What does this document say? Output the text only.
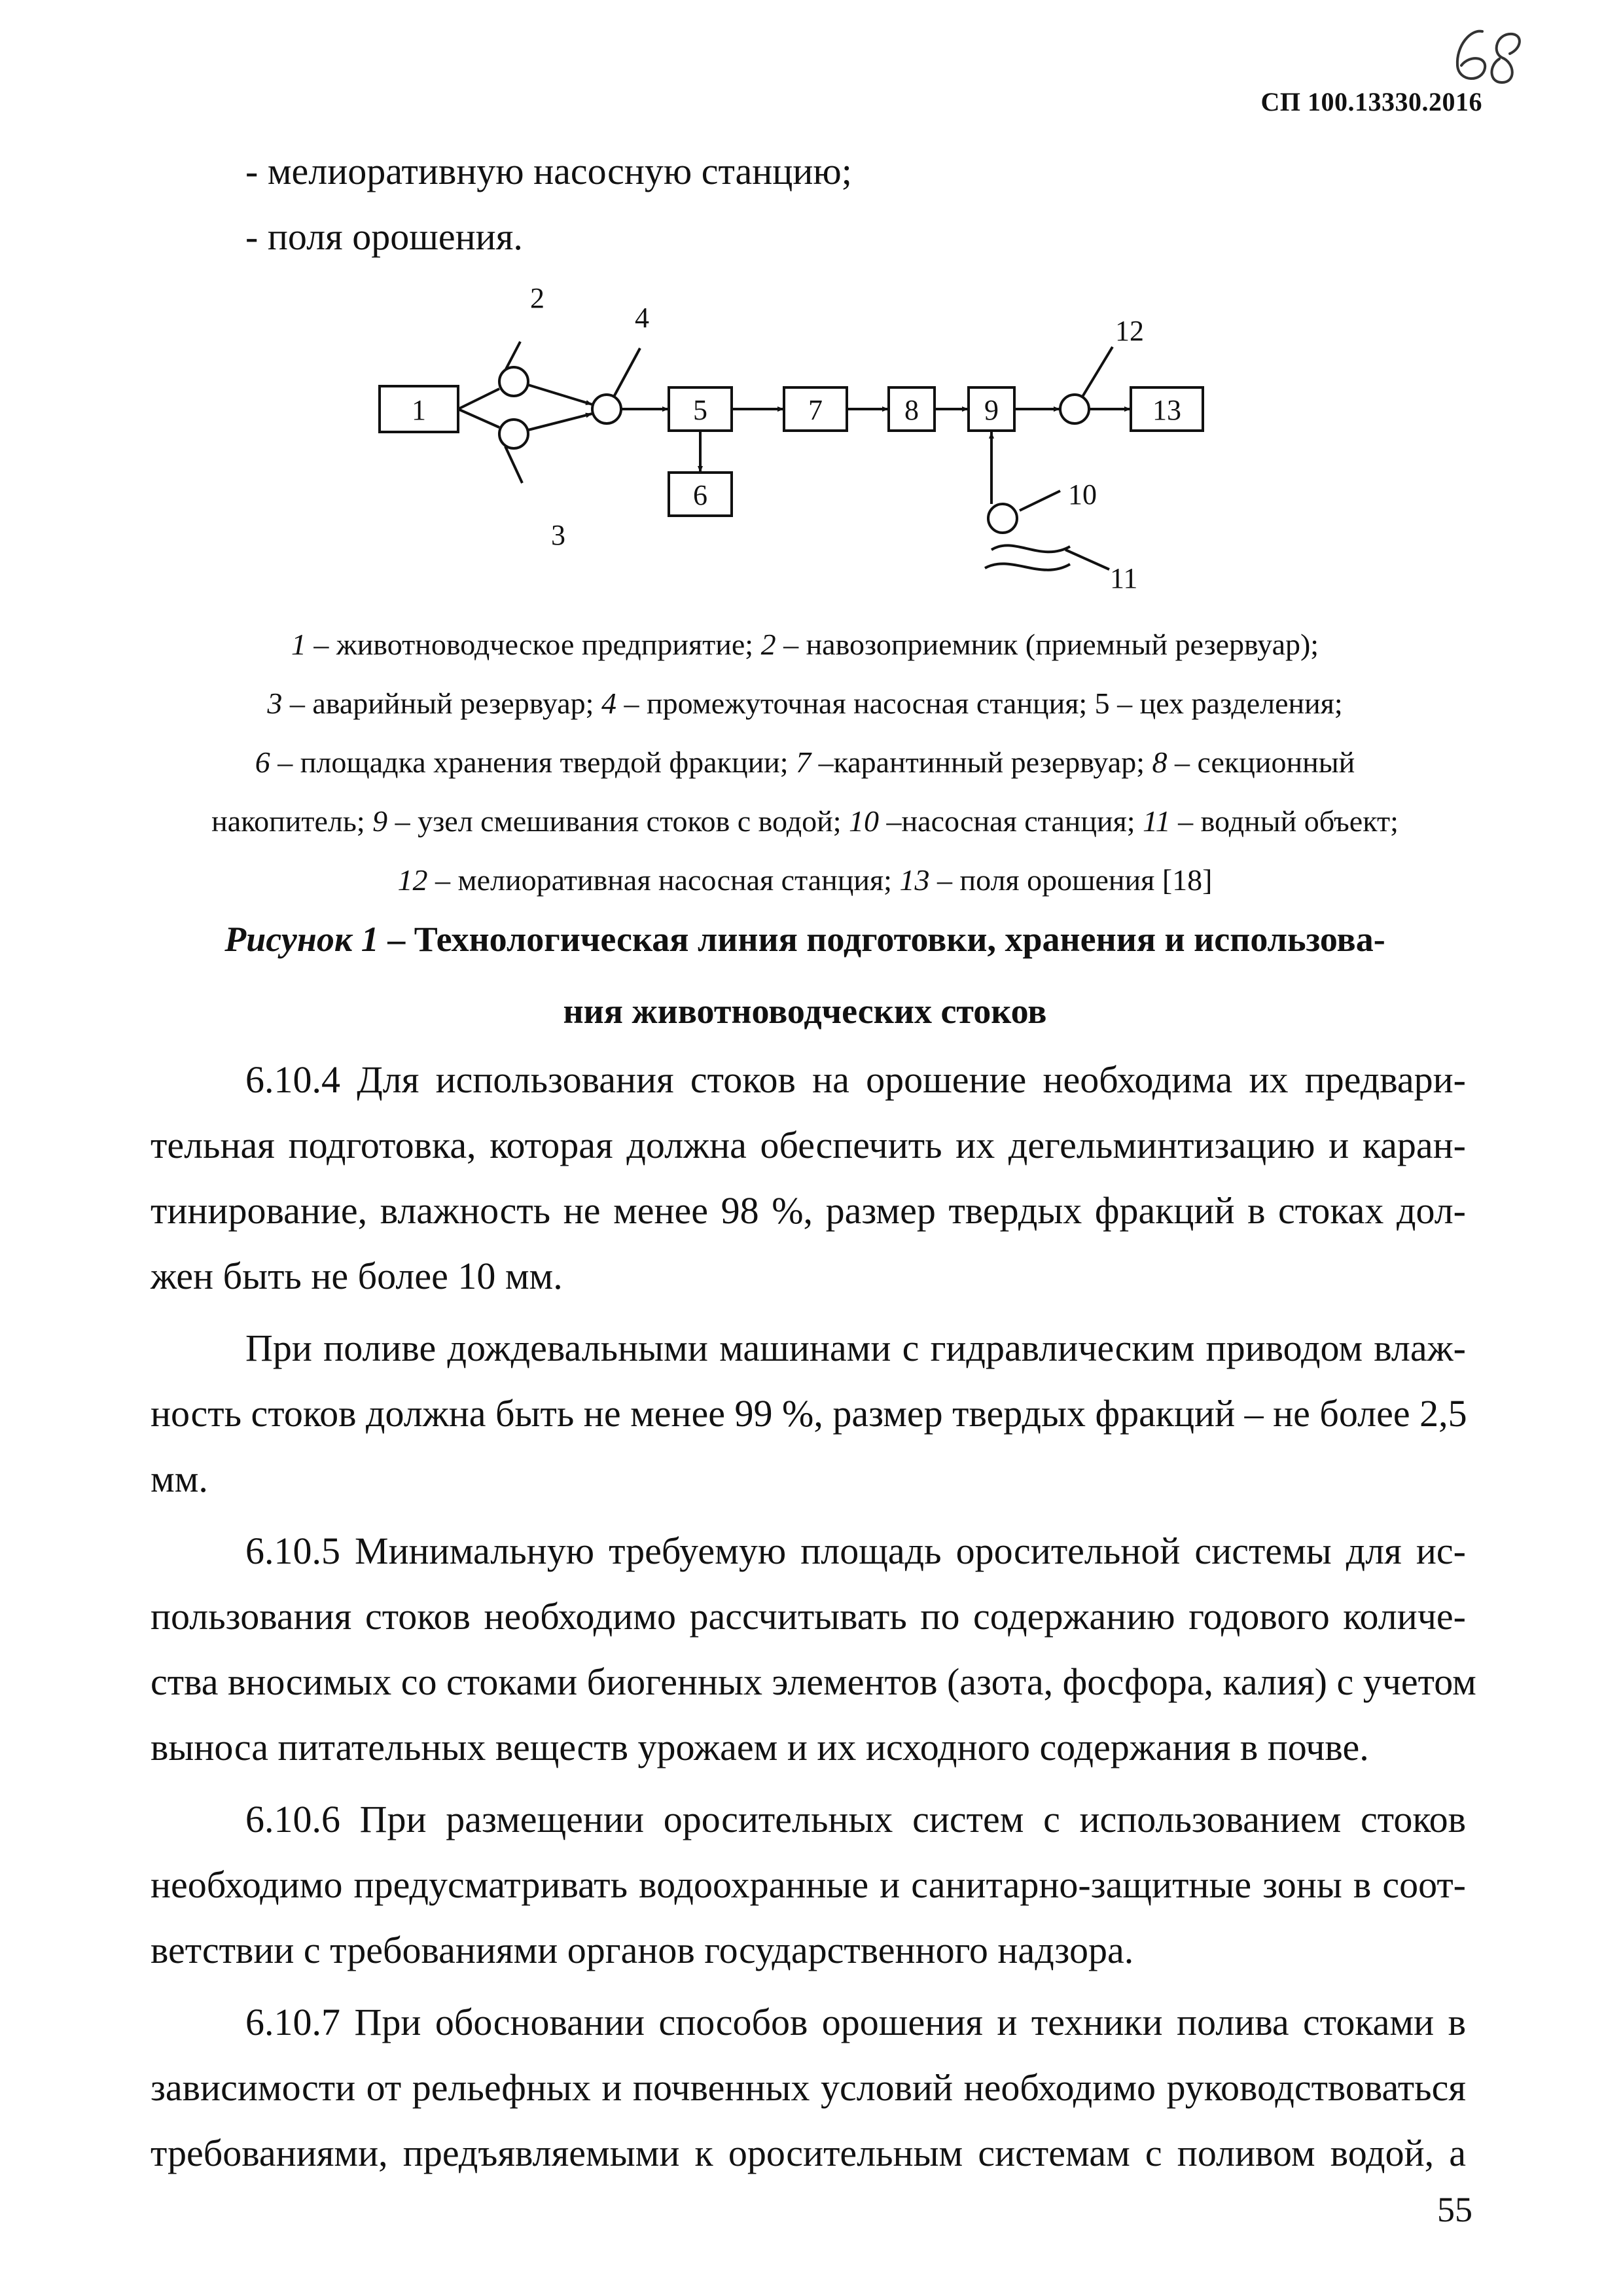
СП 100.13330.2016
- мелиоративную насосную станцию;
- поля орошения.
1	5
6
7	8 9	13
2
3
4
10
11
12
1 – животноводческое предприятие; 2 – навозоприемник (приемный резервуар);
3 – аварийный резервуар; 4 – промежуточная насосная станция; 5 – цех разделения;
6 – площадка хранения твердой фракции; 7 –карантинный резервуар; 8 – секционный
накопитель; 9 – узел смешивания стоков с водой; 10 –насосная станция; 11 – водный объект;
12 – мелиоративная насосная станция; 13 – поля орошения [18]
Рисунок 1 – Технологическая линия подготовки, хранения и использова-
ния животноводческих стоков
6.10.4 Для использования стоков на орошение необходима их предвари-
тельная подготовка, которая должна обеспечить их дегельминтизацию и каран-
тинирование, влажность не менее 98 %, размер твердых фракций в стоках дол-
жен быть не более 10 мм.
При поливе дождевальными машинами с гидравлическим приводом влаж-
ность стоков должна быть не менее 99 %, размер твердых фракций – не более 2,5
мм.
6.10.5 Минимальную требуемую площадь оросительной системы для ис-
пользования стоков необходимо рассчитывать по содержанию годового количе-
ства вносимых со стоками биогенных элементов (азота, фосфора, калия) с учетом
выноса питательных веществ урожаем и их исходного содержания в почве.
6.10.6 При размещении оросительных систем с использованием стоков
необходимо предусматривать водоохранные и санитарно-защитные зоны в соот-
ветствии с требованиями органов государственного надзора.
6.10.7 При обосновании способов орошения и техники полива стоками в
зависимости от рельефных и почвенных условий необходимо руководствоваться
требованиями, предъявляемыми к оросительным системам с поливом водой, а
55
